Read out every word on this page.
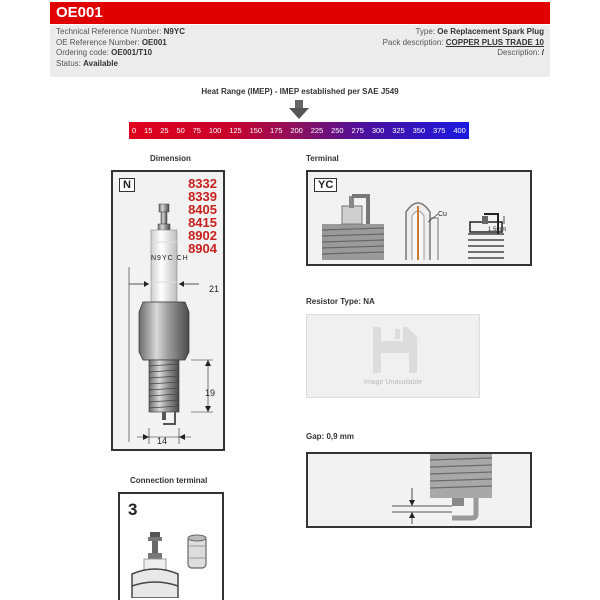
OE001
Technical Reference Number: N9YC
OE Reference Number: OE001
Ordering code: OE001/T10
Status: Available
Type: Oe Replacement Spark Plug
Pack description: COPPER PLUS TRADE 10
Description: /
Heat Range (IMEP) - IMEP established per SAE J549
0 15 25 50 75 100 125 150 175 200 225 250 275 300 325 350 375 400
Dimension
N	8332
8339
8405
8415
8902
8904
N9YC CH
21
19
14
Terminal
YC
Cu
1.5mm
Resistor Type: NA
Image Unavailable
Gap: 0,9 mm
Connection terminal
3
